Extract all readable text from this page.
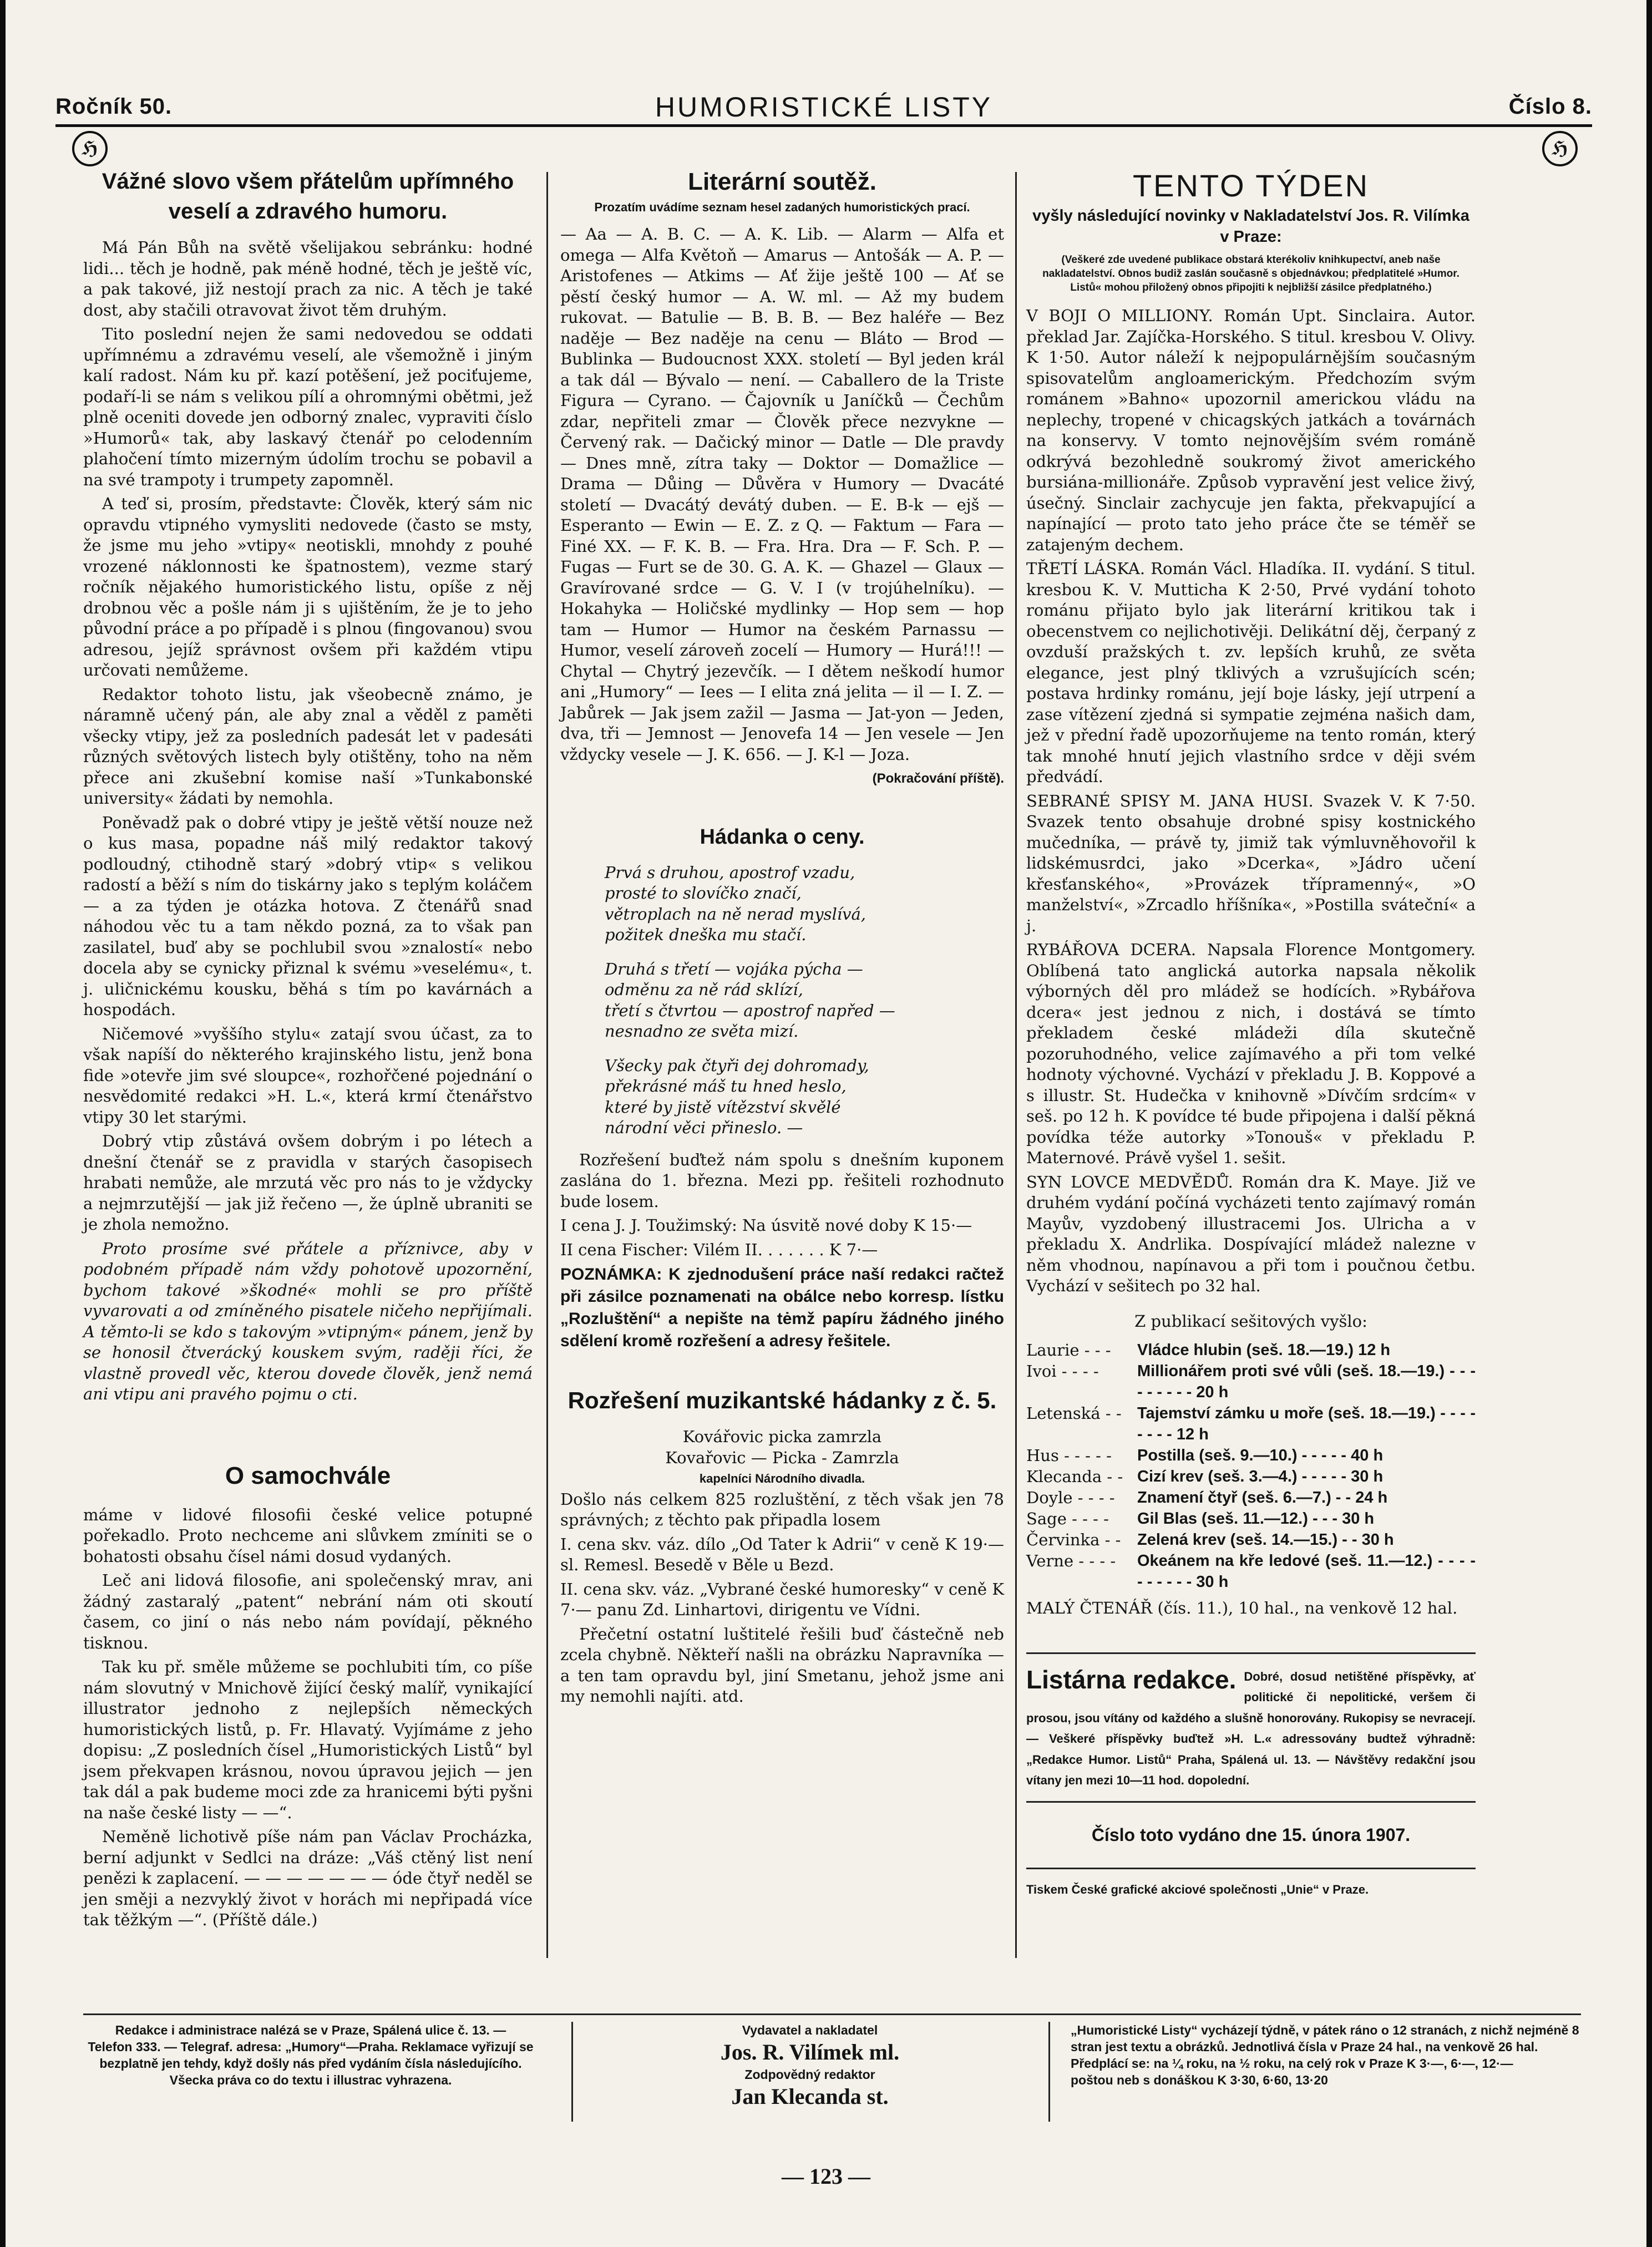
Ročník 50.	HUMORISTICKÉ LISTY	Číslo 8.
ℌ	ℌ
Vážné slovo všem přátelům upřímného veselí a zdravého humoru.

Má Pán Bůh na světě všelijakou sebránku: hodné lidi... těch je hodně, pak méně hodné, těch je ještě víc, a pak takové, již nestojí prach za nic. A těch je také dost, aby stačili otravovat život těm druhým.

Tito poslední nejen že sami nedovedou se oddati upřímnému a zdravému veselí, ale všemožně i jiným kalí radost. Nám ku př. kazí potěšení, jež pociťujeme, podaří-li se nám s velikou pílí a ohromnými obětmi, jež plně oceniti dovede jen odborný znalec, vypraviti číslo »Humorů« tak, aby laskavý čtenář po celodenním plahočení tímto mizerným údolím trochu se pobavil a na své trampoty i trumpety zapomněl.

A teď si, prosím, představte: Člověk, který sám nic opravdu vtipného vymysliti nedovede (často se msty, že jsme mu jeho »vtipy« neotiskli, mnohdy z pouhé vrozené náklonnosti ke špatnostem), vezme starý ročník nějakého humoristického listu, opíše z něj drobnou věc a pošle nám ji s ujištěním, že je to jeho původní práce a po případě i s plnou (fingovanou) svou adresou, jejíž správnost ovšem při každém vtipu určovati nemůžeme.

Redaktor tohoto listu, jak všeobecně známo, je náramně učený pán, ale aby znal a věděl z paměti všecky vtipy, jež za posledních padesát let v padesáti různých světových listech byly otištěny, toho na něm přece ani zkušební komise naší »Tunkabonské university« žádati by nemohla.

Poněvadž pak o dobré vtipy je ještě větší nouze než o kus masa, popadne náš milý redaktor takový podloudný, ctihodně starý »dobrý vtip« s velikou radostí a běží s ním do tiskárny jako s teplým koláčem — a za týden je otázka hotova. Z čtenářů snad náhodou věc tu a tam někdo pozná, za to však pan zasilatel, buď aby se pochlubil svou »znalostí« nebo docela aby se cynicky přiznal k svému »veselému«, t. j. uličnickému kousku, běhá s tím po kavárnách a hospodách.

Ničemové »vyššího stylu« zatají svou účast, za to však napíší do některého krajinského listu, jenž bona fide »otevře jim své sloupce«, rozhořčené pojednání o nesvědomité redakci »H. L.«, která krmí čtenářstvo vtipy 30 let starými.

Dobrý vtip zůstává ovšem dobrým i po létech a dnešní čtenář se z pravidla v starých časopisech hrabati nemůže, ale mrzutá věc pro nás to je vždycky a nejmrzutější — jak již řečeno —, že úplně ubraniti se je zhola nemožno.

Proto prosíme své přátele a příznivce, aby v podobném případě nám vždy pohotově upozornění, bychom takové »škodné« mohli se pro příště vyvarovati a od zmíněného pisatele ničeho nepřijímali. A těmto-li se kdo s takovým »vtipným« pánem, jenž by se honosil čtverácký kouskem svým, raději říci, že vlastně provedl věc, kterou dovede člověk, jenž nemá ani vtipu ani pravého pojmu o cti.

O samochvále

máme v lidové filosofii české velice potupné pořekadlo. Proto nechceme ani slůvkem zmíniti se o bohatosti obsahu čísel námi dosud vydaných.

Leč ani lidová filosofie, ani společenský mrav, ani žádný zastaralý „patent“ nebrání nám oti skoutí časem, co jiní o nás nebo nám povídají, pěkného tisknou.

Tak ku př. směle můžeme se pochlubiti tím, co píše nám slovutný v Mnichově žijící český malíř, vynikající illustrator jednoho z nejlepších německých humoristických listů, p. Fr. Hlavatý. Vyjímáme z jeho dopisu: „Z posledních čísel „Humoristických Listů“ byl jsem překvapen krásnou, novou úpravou jejich — jen tak dál a pak budeme moci zde za hranicemi býti pyšni na naše české listy — —“.

Neměně lichotivě píše nám pan Václav Procházka, berní adjunkt v Sedlci na dráze: „Váš ctěný list není penězi k zaplacení. — — — — — — — óde čtyř neděl se jen směji a nezvyklý život v horách mi nepřipadá více tak těžkým —“. (Příště dále.)

Literární soutěž.
Prozatím uvádíme seznam hesel zadaných humoristických prací.

— Aa — A. B. C. — A. K. Lib. — Alarm — Alfa et omega — Alfa Květoň — Amarus — Antošák — A. P. — Aristofenes — Atkims — Ať žije ještě 100 — Ať se pěstí český humor — A. W. ml. — Až my budem rukovat. — Batulie — B. B. B. — Bez haléře — Bez naděje — Bez naděje na cenu — Bláto — Brod — Bublinka — Budoucnost XXX. století — Byl jeden král a tak dál — Bývalo — není. — Caballero de la Triste Figura — Cyrano. — Čajovník u Janíčků — Čechům zdar, nepřiteli zmar — Člověk přece nezvykne — Červený rak. — Dačický minor — Datle — Dle pravdy — Dnes mně, zítra taky — Doktor — Domažlice — Drama — Důing — Důvěra v Humory — Dvacáté století — Dvacátý devátý duben. — E. B-k — ejš — Esperanto — Ewin — E. Z. z Q. — Faktum — Fara — Finé XX. — F. K. B. — Fra. Hra. Dra — F. Sch. P. — Fugas — Furt se de 30. G. A. K. — Ghazel — Glaux — Gravírované srdce — G. V. I (v trojúhelníku). — Hokahyka — Holičské mydlinky — Hop sem — hop tam — Humor — Humor na českém Parnassu — Humor, veselí zároveň zocelí — Humory — Hurá!!! — Chytal — Chytrý jezevčík. — I dětem neškodí humor ani „Humory“ — Iees — I elita zná jelita — il — I. Z. — Jabůrek — Jak jsem zažil — Jasma — Jat-yon — Jeden, dva, tři — Jemnost — Jenovefa 14 — Jen vesele — Jen vždycky vesele — J. K. 656. — J. K-l — Joza.

(Pokračování příště).
Hádanka o ceny.

Prvá s druhou, apostrof vzadu,

prosté to slovíčko značí,

větroplach na ně nerad myslívá,

požitek dneška mu stačí.

Druhá s třetí — vojáka pýcha —

odměnu za ně rád sklízí,

třetí s čtvrtou — apostrof napřed —

nesnadno ze světa mizí.

Všecky pak čtyři dej dohromady,

překrásné máš tu hned heslo,

které by jistě vítězství skvělé

národní věci přineslo. —

Rozřešení buďtež nám spolu s dnešním kuponem zaslána do 1. března. Mezi pp. řešiteli rozhodnuto bude losem.

I cena J. J. Toužimský: Na úsvitě nové doby K 15·—

II cena Fischer: Vilém II. . . . . . . K 7·—

POZNÁMKA: K zjednodušení práce naší redakci račtež při zásilce poznamenati na obálce nebo korresp. lístku „Rozluštění“ a nepište na tėmž papíru žádného jiného sdělení kromě rozřešení a adresy řešitele.

Rozřešení muzikantské hádanky z č. 5.
Kovářovic picka zamrzla
Kovařovic — Picka - Zamrzla
kapelníci Národního divadla.

Došlo nás celkem 825 rozluštění, z těch však jen 78 správných; z těchto pak připadla losem

I. cena skv. váz. dílo „Od Tater k Adrii“ v ceně K 19·— sl. Remesl. Besedě v Běle u Bezd.

II. cena skv. váz. „Vybrané české humoresky“ v ceně K 7·— panu Zd. Linhartovi, dirigentu ve Vídni.

Přečetní ostatní luštitelé řešili buď částečně neb zcela chybně. Někteří našli na obrázku Napravníka — a ten tam opravdu byl, jiní Smetanu, jehož jsme ani my nemohli najíti. atd.

TENTO TÝDEN
vyšly následující novinky v Nakladatelství Jos. R. Vilímka v Praze:
(Veškeré zde uvedené publikace obstará kterékoliv knihkupectví, aneb naše nakladatelství. Obnos budiž zaslán současně s objednávkou; předplatitelé »Humor. Listů« mohou přiložený obnos připojiti k nejbližší zásilce předplatného.)

V BOJI O MILLIONY. Román Upt. Sinclaira. Autor. překlad Jar. Zajíčka-Horského. S titul. kresbou V. Olivy. K 1·50. Autor náleží k nejpopulárnějším současným spisovatelům angloamerickým. Předchozím svým románem »Bahno« upozornil americkou vládu na neplechy, tropené v chicagských jatkách a továrnách na konservy. V tomto nejnovějším svém románě odkrývá bezohledně soukromý život amerického bursiána-millionáře. Způsob vypravění jest velice živý, úsečný. Sinclair zachycuje jen fakta, překvapující a napínající — proto tato jeho práce čte se téměř se zatajeným dechem.

TŘETÍ LÁSKA. Román Václ. Hladíka. II. vydání. S titul. kresbou K. V. Mutticha K 2·50, Prvé vydání tohoto románu přijato bylo jak literární kritikou tak i obecenstvem co nejlichotivěji. Delikátní děj, čerpaný z ovzduší pražských t. zv. lepších kruhů, ze světa elegance, jest plný tklivých a vzrušujících scén; postava hrdinky románu, její boje lásky, její utrpení a zase vítězení zjedná si sympatie zejména našich dam, jež v přední řadě upozorňujeme na tento román, který tak mnohé hnutí jejich vlastního srdce v ději svém předvádí.

SEBRANÉ SPISY M. JANA HUSI. Svazek V. K 7·50. Svazek tento obsahuje drobné spisy kostnického mučedníka, — právě ty, jimiž tak výmluvněhovořil k lidskémusrdci, jako »Dcerka«, »Jádro učení křesťanského«, »Provázek třípramenný«, »O manželství«, »Zrcadlo hříšníka«, »Postilla sváteční« a j.

RYBÁŘOVA DCERA. Napsala Florence Montgomery. Oblíbená tato anglická autorka napsala několik výborných děl pro mládež se hodících. »Rybářova dcera« jest jednou z nich, i dostává se tímto překladem české mládeži díla skutečně pozoruhodného, velice zajímavého a při tom velké hodnoty výchovné. Vychází v překladu J. B. Koppové a s illustr. St. Hudečka v knihovně »Dívčím srdcím« v seš. po 12 h. K povídce té bude připojena i další pěkná povídka téže autorky »Tonouš« v překladu P. Maternové. Právě vyšel 1. sešit.

SYN LOVCE MEDVĚDŮ. Román dra K. Maye. Již ve druhém vydání počíná vycházeti tento zajímavý román Mayův, vyzdobený illustracemi Jos. Ulricha a v překladu X. Andrlika. Dospívající mládež nalezne v něm vhodnou, napínavou a při tom i poučnou četbu. Vychází v sešitech po 32 hal.

Z publikací sešitových vyšlo:
Laurie - - -	Vládce hlubin (seš. 18.—19.) 12 h
Ivoi - - - -	Millionářem proti své vůli (seš. 18.—19.) - - - - - - - - - 20 h
Letenská - -	Tajemství zámku u moře (seš. 18.—19.) - - - - - - - - 12 h
Hus - - - - -	Postilla (seš. 9.—10.) - - - - - 40 h
Klecanda - -	Cizí krev (seš. 3.—4.) - - - - - 30 h
Doyle - - - -	Znamení čtyř (seš. 6.—7.) - - 24 h
Sage - - - -	Gil Blas (seš. 11.—12.) - - - 30 h
Červinka - -	Zelená krev (seš. 14.—15.) - - 30 h
Verne - - - -	Okeánem na kře ledové (seš. 11.—12.) - - - - - - - - - - 30 h

MALÝ ČTENÁŘ (čís. 11.), 10 hal., na venkově 12 hal.

Listárna redakce. Dobré, dosud netištěné příspěvky, ať politické či nepolitické, veršem či prosou, jsou vítány od každého a slušně honorovány. Rukopisy se nevracejí. — Veškeré příspěvky buďtež »H. L.« adressovány budtež výhradně: „Redakce Humor. Listů“ Praha, Spálená ul. 13. — Návštěvy redakční jsou vítany jen mezi 10—11 hod. dopolední.
Číslo toto vydáno dne 15. února 1907.
Tiskem České grafické akciové společnosti „Unie“ v Praze.
Redakce i administrace nalézá se v Praze, Spálená ulice č. 13. —
Telefon 333. — Telegraf. adresa: „Humory“—Praha. Reklamace vyřizují se bezplatně jen tehdy, když došly nás před vydáním čísla následujícího.
Všecka práva co do textu i illustrac vyhrazena.
Vydavatel a nakladatel
Jos. R. Vilímek ml.
Zodpovědný redaktor
Jan Klecanda st.
„Humoristické Listy“ vycházejí týdně, v pátek ráno o 12 stranách, z nichž nejméně 8 stran jest textu a obrázků. Jednotlivá čísla v Praze 24 hal., na venkově 26 hal.
Předplácí se: na ¼ roku, na ½ roku, na celý rok v Praze K 3·—, 6·—, 12·—
poštou neb s donáškou K 3·30, 6·60, 13·20
— 123 —
